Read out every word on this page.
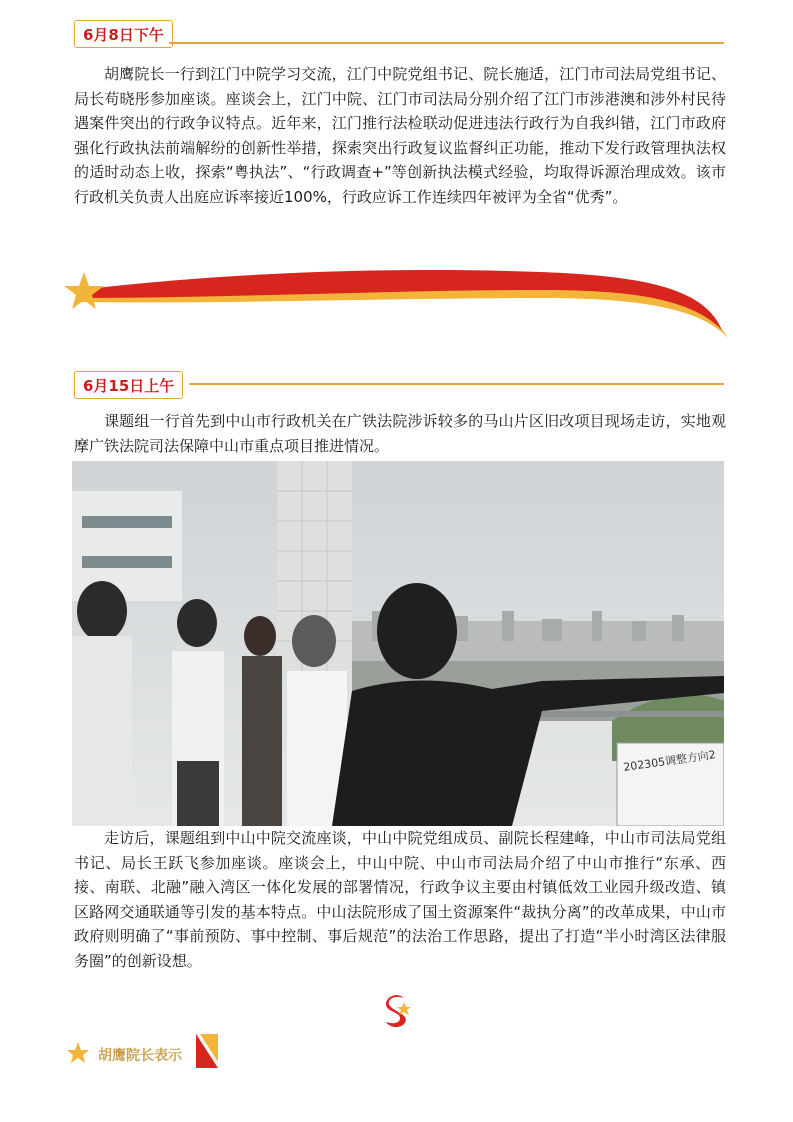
6月8日下午

胡鹰院长一行到江门中院学习交流，江门中院党组书记、院长施适，江门市司法局党组书记、局长苟晓彤参加座谈。座谈会上，江门中院、江门市司法局分别介绍了江门市涉港澳和涉外村民待遇案件突出的行政争议特点。近年来，江门推行法检联动促进违法行政行为自我纠错，江门市政府强化行政执法前端解纷的创新性举措，探索突出行政复议监督纠正功能，推动下发行政管理执法权的适时动态上收，探索“粤执法”、“行政调查+”等创新执法模式经验，均取得诉源治理成效。该市行政机关负责人出庭应诉率接近100%，行政应诉工作连续四年被评为全省“优秀”。

6月15日上午

课题组一行首先到中山市行政机关在广铁法院涉诉较多的马山片区旧改项目现场走访，实地观摩广铁法院司法保障中山市重点项目推进情况。

202305调整方向2

走访后，课题组到中山中院交流座谈，中山中院党组成员、副院长程建峰，中山市司法局党组书记、局长王跃飞参加座谈。座谈会上，中山中院、中山市司法局介绍了中山市推行“东承、西接、南联、北融”融入湾区一体化发展的部署情况，行政争议主要由村镇低效工业园升级改造、镇区路网交通联通等引发的基本特点。中山法院形成了国土资源案件“裁执分离”的改革成果，中山市政府则明确了“事前预防、事中控制、事后规范”的法治工作思路，提出了打造“半小时湾区法律服务圈”的创新设想。

胡鹰院长表示
